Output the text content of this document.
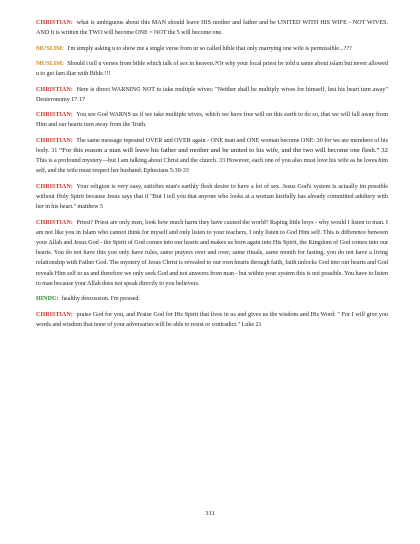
CHRISTIAN: what is ambiguous about this MAN should leave HIS mother and father and be UNITED WITH HIS WIFE - NOT WIVES. AND It is written the TWO will become ONE = NOT the 5 will become one.

MUSLIM: I'm simply asking u to show me a single verse from ur so called bible that only marrying one wife is permissible...???

MUSLIM: Should i tell u verses from bible which talk of sex in heaven.?Or why your local priest hv told u same about islam but never allowed u to get fam iliar with Bible.!!!

CHRISTIAN: Here is direct WARNING NOT to take multiple wives: "Neither shall he multiply wives for himself, lest his heart turn away" Deuteronomy 17:17

CHRISTIAN: You see God WARNS us if we take multiple wives, which we have free will on this earth to do so, that we will fall away from Him and our hearts turn away from the Truth.

CHRISTIAN: The same message repeated OVER and OVER again - ONE man and ONE woman become ONE: 30 for we are members of his body. 31 “For this reason a man will leave his father and mother and be united to his wife, and the two will become one flesh.” 32 This is a profound mystery—but I am talking about Christ and the church. 33 However, each one of you also must love his wife as he loves him self, and the wife must respect her husband. Ephesians 5:30-33

CHRISTIAN: Your religion is very easy, satisfies man's earthly flesh desire to have a lot of sex. Jesus God's system is actually im possible without Holy Spirit because Jesus says that if "But I tell you that anyone who looks at a woman lustfully has already committed adultery with her in his heart." matthew 5

CHRISTIAN: Priest? Priest are only men, look how much harm they have caused the world? Raping little boys - why would I listen to man. I am not like you in Islam who cannot think for myself and only listen to your teachers, I only listen to God Him self. This is difference between your Allah and Jesus God - the Spirit of God comes into our hearts and makes us born again into His Spirit, the Kingdom of God comes into our hearts. You do not have this you only have rules, same prayers over and over, same rituals, same month for fasting, you do not have a living relationship with Father God. The mystery of Jesus Christ is revealed to our own hearts through faith, faith unlocks God into our hearts and God reveals Him self to us and therefore we only seek God and not answers from man - but within your system this is not possible. You have to listen to man because your Allah does not speak directly to you believers.

HINDU: healthy descussion. I'm pressed.

CHRISTIAN: praise God for you, and Praise God for His Spirit that lives in us and gives us the wisdom and His Word: " For I will give you words and wisdom that none of your adversaries will be able to resist or contradict." Luke 21

311
